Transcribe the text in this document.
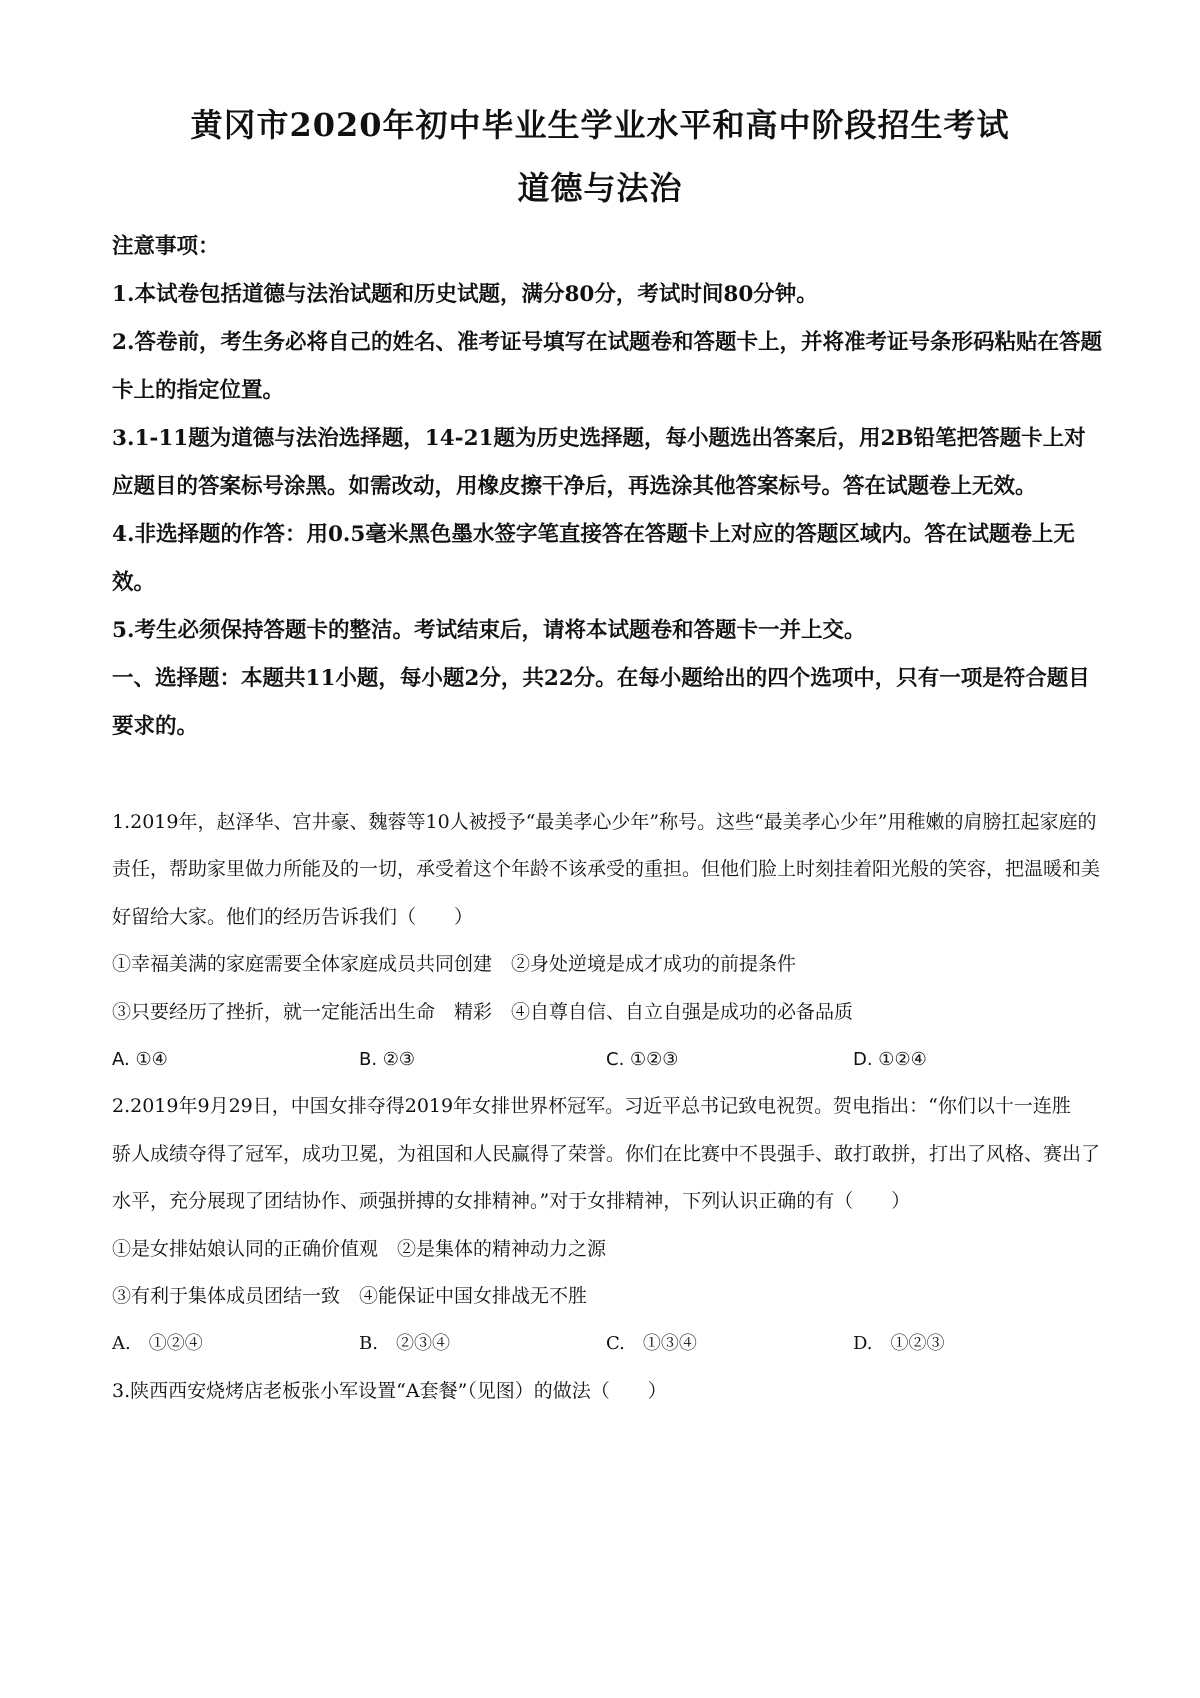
黄冈市2020年初中毕业生学业水平和高中阶段招生考试
道德与法治

注意事项：

1.本试卷包括道德与法治试题和历史试题，满分80分，考试时间80分钟。

2.答卷前，考生务必将自己的姓名、准考证号填写在试题卷和答题卡上，并将准考证号条形码粘贴在答题卡上的指定位置。

3.1-11题为道德与法治选择题，14-21题为历史选择题，每小题选出答案后，用2B铅笔把答题卡上对应题目的答案标号涂黑。如需改动，用橡皮擦干净后，再选涂其他答案标号。答在试题卷上无效。

4.非选择题的作答：用0.5毫米黑色墨水签字笔直接答在答题卡上对应的答题区域内。答在试题卷上无效。

5.考生必须保持答题卡的整洁。考试结束后，请将本试题卷和答题卡一并上交。

一、选择题：本题共11小题，每小题2分，共22分。在每小题给出的四个选项中，只有一项是符合题目要求的。

1.2019年，赵泽华、宫井豪、魏蓉等10人被授予“最美孝心少年”称号。这些“最美孝心少年”用稚嫩的肩膀扛起家庭的责任，帮助家里做力所能及的一切，承受着这个年龄不该承受的重担。但他们脸上时刻挂着阳光般的笑容，把温暖和美好留给大家。他们的经历告诉我们（　　）

①幸福美满的家庭需要全体家庭成员共同创建　②身处逆境是成才成功的前提条件

③只要经历了挫折，就一定能活出生命　精彩　④自尊自信、自立自强是成功的必备品质

A. ①④	B. ②③	C. ①②③	D. ①②④

2.2019年9月29日，中国女排夺得2019年女排世界杯冠军。习近平总书记致电祝贺。贺电指出：“你们以十一连胜　骄人成绩夺得了冠军，成功卫冕，为祖国和人民赢得了荣誉。你们在比赛中不畏强手、敢打敢拼，打出了风格、赛出了水平，充分展现了团结协作、顽强拼搏的女排精神。”对于女排精神，下列认识正确的有（　　）

①是女排姑娘认同的正确价值观　②是集体的精神动力之源

③有利于集体成员团结一致　④能保证中国女排战无不胜

A.　①②④	B.　②③④	C.　①③④	D.　①②③

3.陕西西安烧烤店老板张小军设置“A套餐”（见图）的做法（　　）
